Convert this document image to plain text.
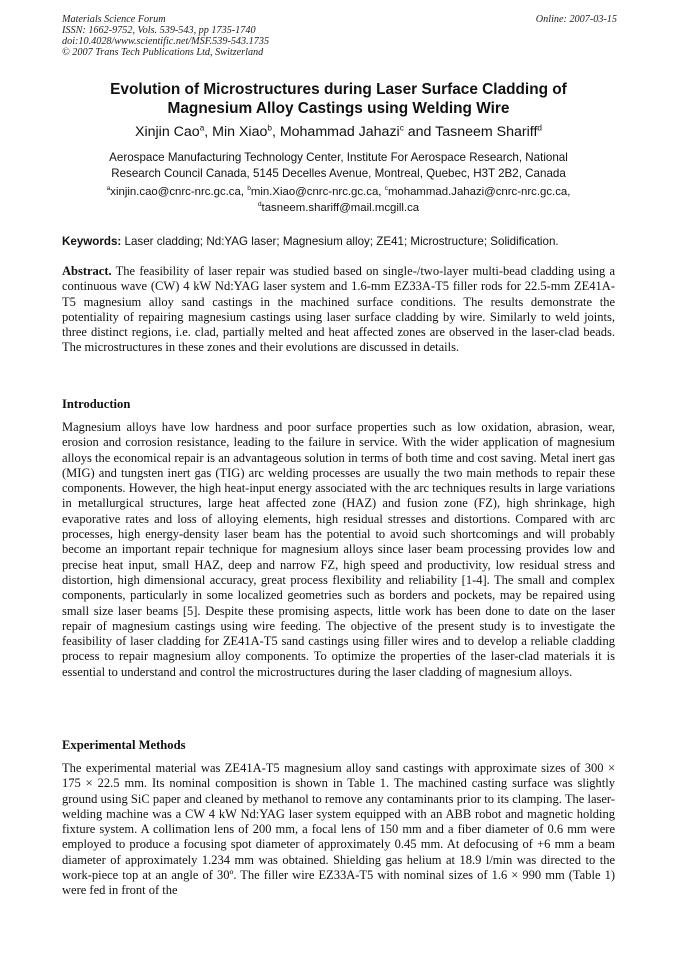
Materials Science Forum
ISSN: 1662-9752, Vols. 539-543, pp 1735-1740
doi:10.4028/www.scientific.net/MSF.539-543.1735
© 2007 Trans Tech Publications Ltd, Switzerland
Online: 2007-03-15
Evolution of Microstructures during Laser Surface Cladding of
Magnesium Alloy Castings using Welding Wire
Xinjin Cao$^a$, Min Xiao$^b$, Mohammad Jahazi$^c$ and Tasneem Shariff$^d$
Aerospace Manufacturing Technology Center, Institute For Aerospace Research, National
Research Council Canada, 5145 Decelles Avenue, Montreal, Quebec, H3T 2B2, Canada
$^a$xinjin.cao@cnrc-nrc.gc.ca, $^b$min.Xiao@cnrc-nrc.gc.ca, $^c$mohammad.Jahazi@cnrc-nrc.gc.ca,
$^d$tasneem.shariff@mail.mcgill.ca
Keywords: Laser cladding; Nd:YAG laser; Magnesium alloy; ZE41; Microstructure; Solidification.
Abstract. The feasibility of laser repair was studied based on single-/two-layer multi-bead cladding using a continuous wave (CW) 4 kW Nd:YAG laser system and 1.6-mm EZ33A-T5 filler rods for 22.5-mm ZE41A-T5 magnesium alloy sand castings in the machined surface conditions. The results demonstrate the potentiality of repairing magnesium castings using laser surface cladding by wire. Similarly to weld joints, three distinct regions, i.e. clad, partially melted and heat affected zones are observed in the laser-clad beads. The microstructures in these zones and their evolutions are discussed in details.
Introduction
Magnesium alloys have low hardness and poor surface properties such as low oxidation, abrasion, wear, erosion and corrosion resistance, leading to the failure in service. With the wider application of magnesium alloys the economical repair is an advantageous solution in terms of both time and cost saving. Metal inert gas (MIG) and tungsten inert gas (TIG) arc welding processes are usually the two main methods to repair these components. However, the high heat-input energy associated with the arc techniques results in large variations in metallurgical structures, large heat affected zone (HAZ) and fusion zone (FZ), high shrinkage, high evaporative rates and loss of alloying elements, high residual stresses and distortions. Compared with arc processes, high energy-density laser beam has the potential to avoid such shortcomings and will probably become an important repair technique for magnesium alloys since laser beam processing provides low and precise heat input, small HAZ, deep and narrow FZ, high speed and productivity, low residual stress and distortion, high dimensional accuracy, great process flexibility and reliability [1-4]. The small and complex components, particularly in some localized geometries such as borders and pockets, may be repaired using small size laser beams [5]. Despite these promising aspects, little work has been done to date on the laser repair of magnesium castings using wire feeding. The objective of the present study is to investigate the feasibility of laser cladding for ZE41A-T5 sand castings using filler wires and to develop a reliable cladding process to repair magnesium alloy components. To optimize the properties of the laser-clad materials it is essential to understand and control the microstructures during the laser cladding of magnesium alloys.
Experimental Methods
The experimental material was ZE41A-T5 magnesium alloy sand castings with approximate sizes of 300 × 175 × 22.5 mm. Its nominal composition is shown in Table 1. The machined casting surface was slightly ground using SiC paper and cleaned by methanol to remove any contaminants prior to its clamping. The laser-welding machine was a CW 4 kW Nd:YAG laser system equipped with an ABB robot and magnetic holding fixture system. A collimation lens of 200 mm, a focal lens of 150 mm and a fiber diameter of 0.6 mm were employed to produce a focusing spot diameter of approximately 0.45 mm. At defocusing of +6 mm a beam diameter of approximately 1.234 mm was obtained. Shielding gas helium at 18.9 l/min was directed to the work-piece top at an angle of 30º. The filler wire EZ33A-T5 with nominal sizes of 1.6 × 990 mm (Table 1) were fed in front of the
